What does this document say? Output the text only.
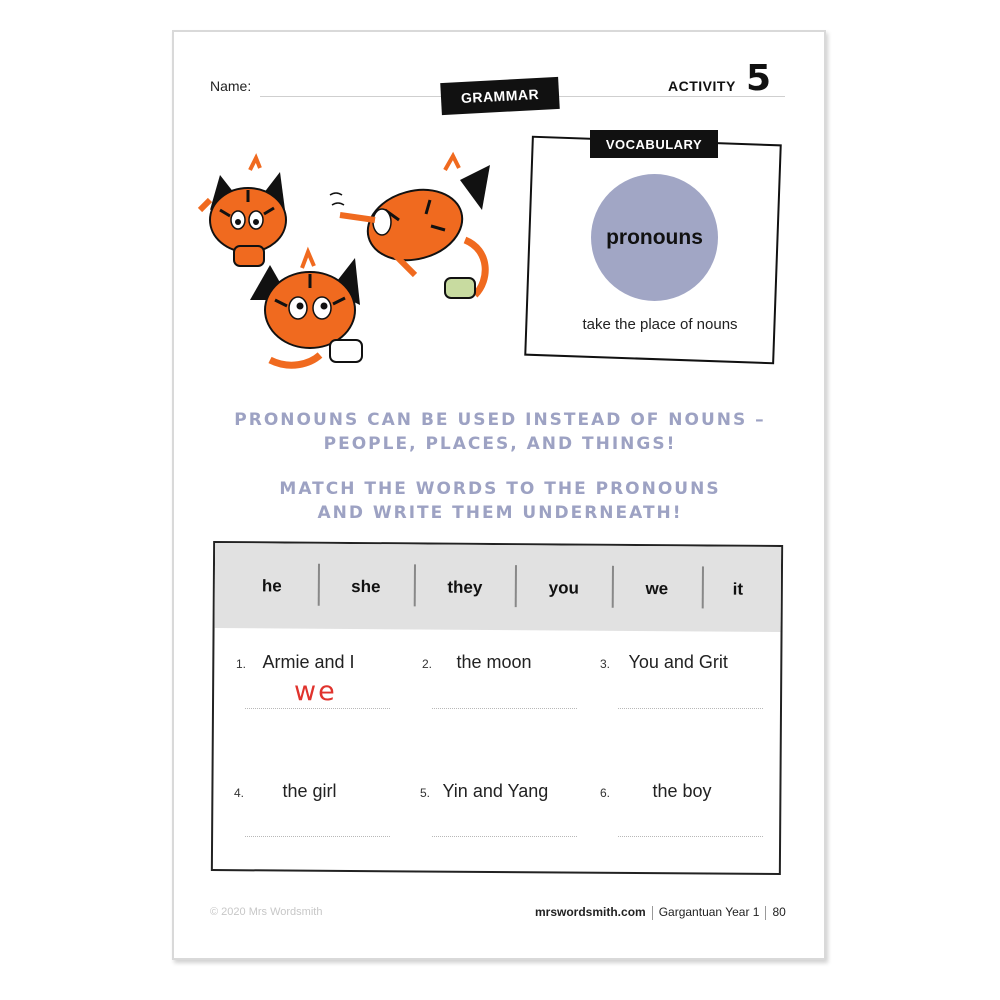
Name:	GRAMMAR	ACTIVITY 5
VOCABULARY
pronouns
take the place of nouns
PRONOUNS CAN BE USED INSTEAD OF NOUNS –
PEOPLE, PLACES, AND THINGS!
MATCH THE WORDS TO THE PRONOUNS
AND WRITE THEM UNDERNEATH!
he	she	they	you	we	it
1. Armie and I
we
2. the moon	3. You and Grit
4. the girl	5. Yin and Yang	6. the boy
© 2020 Mrs Wordsmith	mrswordsmith.com Gargantuan Year 1 80
